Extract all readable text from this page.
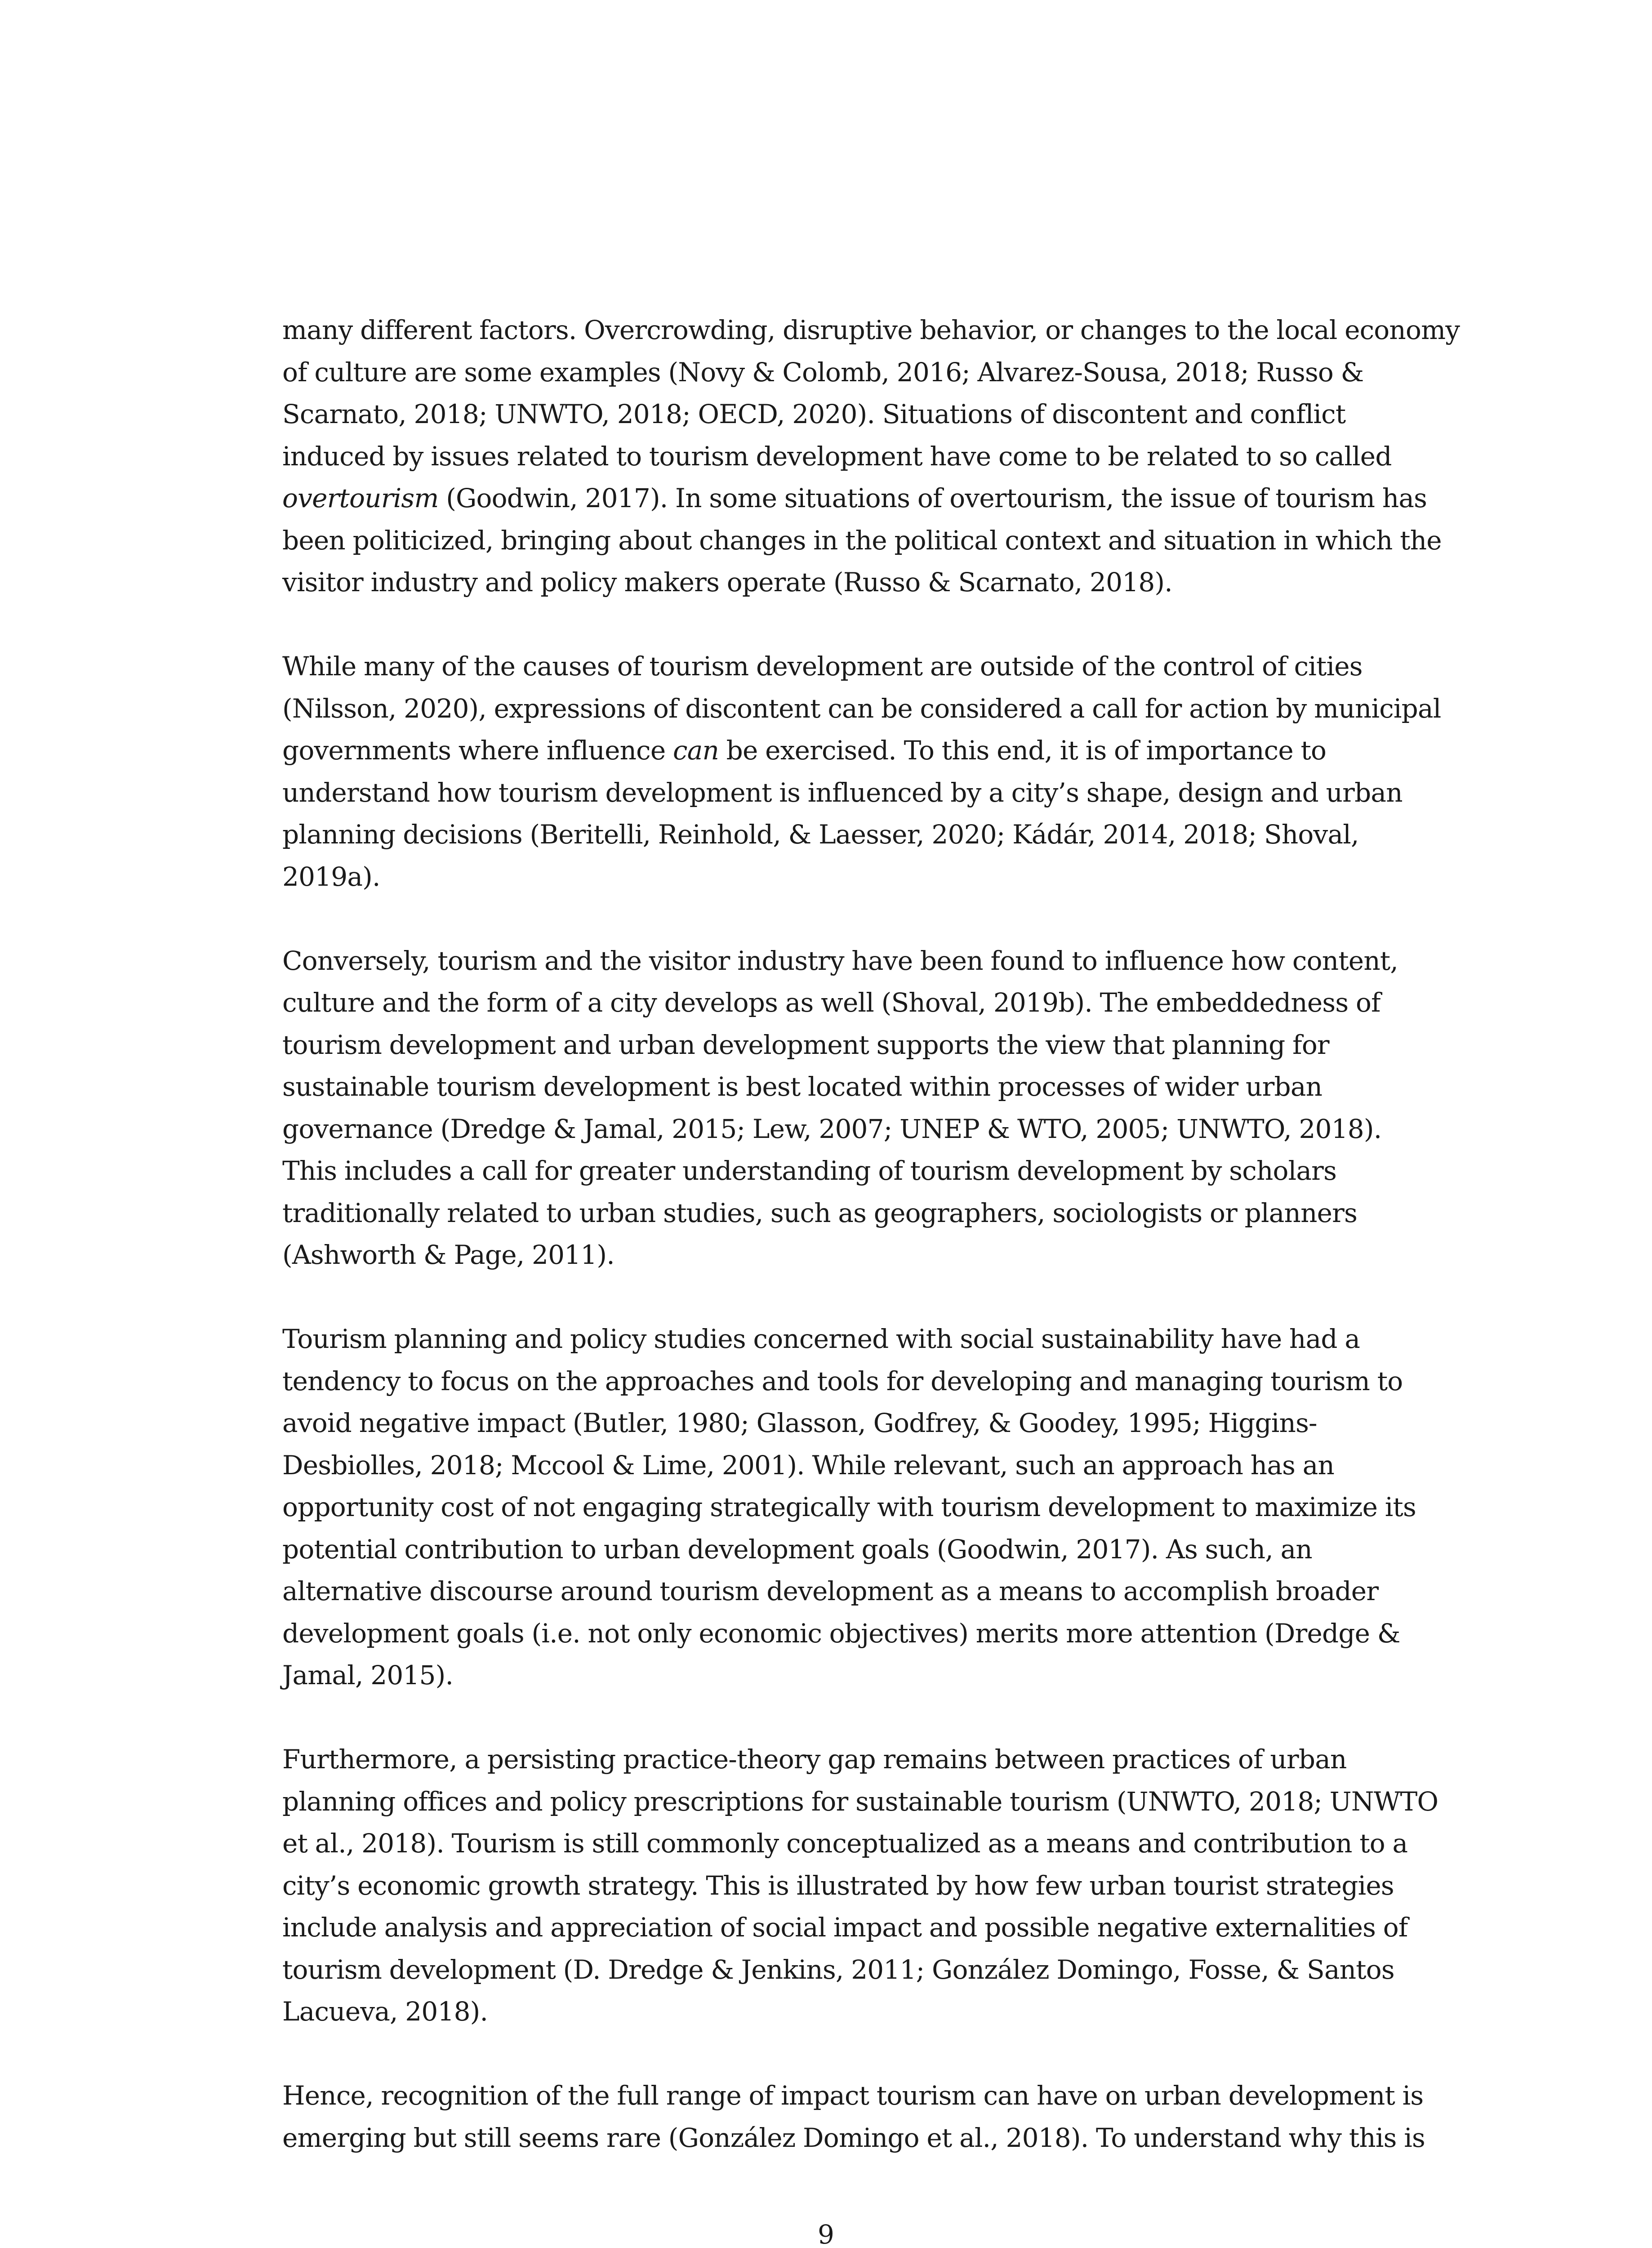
many different factors. Overcrowding, disruptive behavior, or changes to the local economy
of culture are some examples (Novy & Colomb, 2016; Alvarez-Sousa, 2018; Russo &
Scarnato, 2018; UNWTO, 2018; OECD, 2020). Situations of discontent and conflict
induced by issues related to tourism development have come to be related to so called
overtourism (Goodwin, 2017). In some situations of overtourism, the issue of tourism has
been politicized, bringing about changes in the political context and situation in which the
visitor industry and policy makers operate (Russo & Scarnato, 2018).
While many of the causes of tourism development are outside of the control of cities
(Nilsson, 2020), expressions of discontent can be considered a call for action by municipal
governments where influence can be exercised. To this end, it is of importance to
understand how tourism development is influenced by a city’s shape, design and urban
planning decisions (Beritelli, Reinhold, & Laesser, 2020; Kádár, 2014, 2018; Shoval,
2019a).
Conversely, tourism and the visitor industry have been found to influence how content,
culture and the form of a city develops as well (Shoval, 2019b). The embeddedness of
tourism development and urban development supports the view that planning for
sustainable tourism development is best located within processes of wider urban
governance (Dredge & Jamal, 2015; Lew, 2007; UNEP & WTO, 2005; UNWTO, 2018).
This includes a call for greater understanding of tourism development by scholars
traditionally related to urban studies, such as geographers, sociologists or planners
(Ashworth & Page, 2011).
Tourism planning and policy studies concerned with social sustainability have had a
tendency to focus on the approaches and tools for developing and managing tourism to
avoid negative impact (Butler, 1980; Glasson, Godfrey, & Goodey, 1995; Higgins-
Desbiolles, 2018; Mccool & Lime, 2001). While relevant, such an approach has an
opportunity cost of not engaging strategically with tourism development to maximize its
potential contribution to urban development goals (Goodwin, 2017). As such, an
alternative discourse around tourism development as a means to accomplish broader
development goals (i.e. not only economic objectives) merits more attention (Dredge &
Jamal, 2015).
Furthermore, a persisting practice-theory gap remains between practices of urban
planning offices and policy prescriptions for sustainable tourism (UNWTO, 2018; UNWTO
et al., 2018). Tourism is still commonly conceptualized as a means and contribution to a
city’s economic growth strategy. This is illustrated by how few urban tourist strategies
include analysis and appreciation of social impact and possible negative externalities of
tourism development (D. Dredge & Jenkins, 2011; González Domingo, Fosse, & Santos
Lacueva, 2018).
Hence, recognition of the full range of impact tourism can have on urban development is
emerging but still seems rare (González Domingo et al., 2018). To understand why this is
9
